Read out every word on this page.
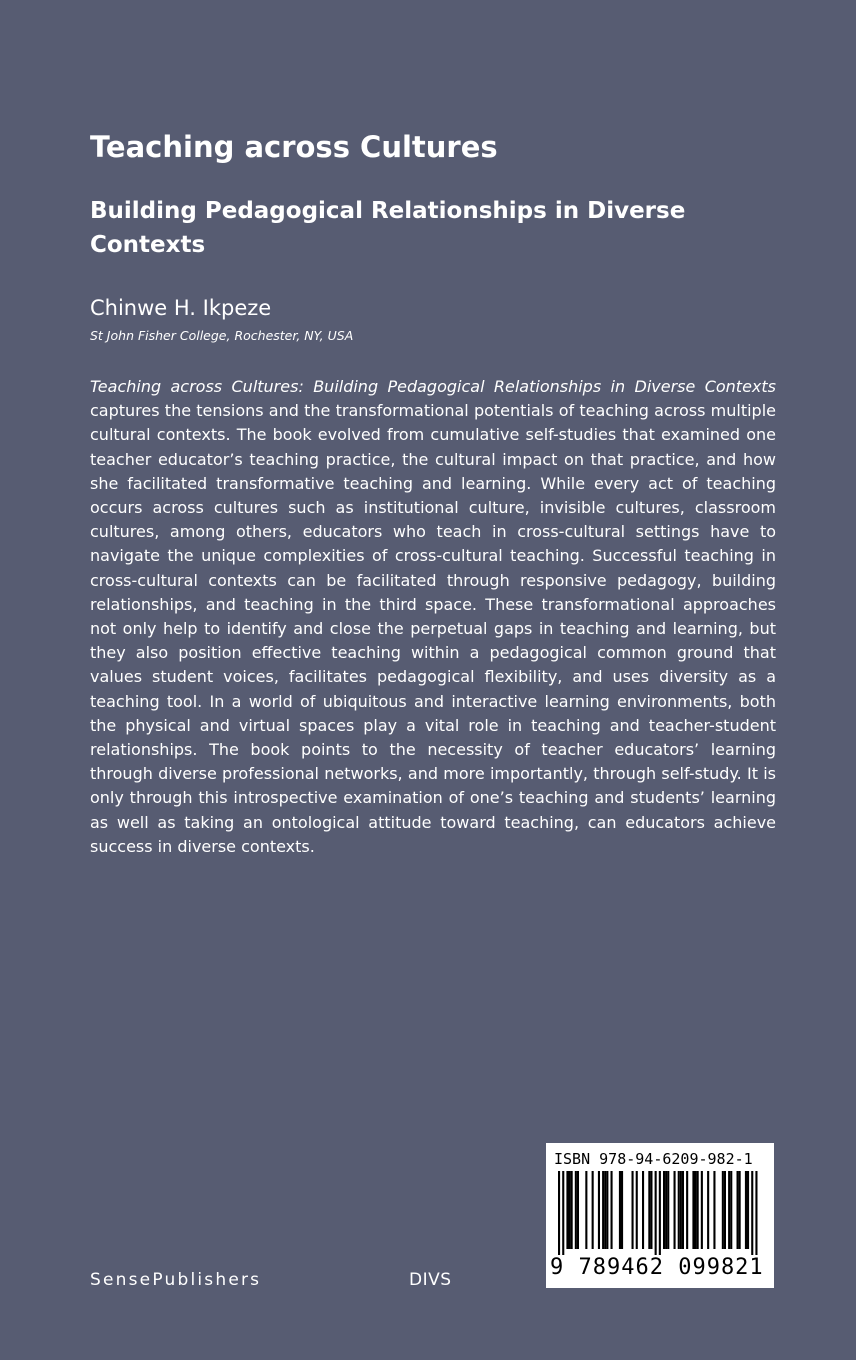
Teaching across Cultures
Building Pedagogical Relationships in Diverse Contexts

Chinwe H. Ikpeze

St John Fisher College, Rochester, NY, USA

Teaching across Cultures: Building Pedagogical Relationships in Diverse Contexts captures the tensions and the transformational potentials of teaching across multiple cultural contexts. The book evolved from cumulative self-studies that examined one teacher educator’s teaching practice, the cultural impact on that practice, and how she facilitated transformative teaching and learning. While every act of teaching occurs across cultures such as institutional culture, invisible cultures, classroom cultures, among others, educators who teach in cross-cultural settings have to navigate the unique complexities of cross-cultural teaching. Successful teaching in cross-cultural contexts can be facilitated through responsive pedagogy, building relationships, and teaching in the third space. These transformational approaches not only help to identify and close the perpetual gaps in teaching and learning, but they also position effective teaching within a pedagogical common ground that values student voices, facilitates pedagogical flexibility, and uses diversity as a teaching tool. In a world of ubiquitous and interactive learning environments, both the physical and virtual spaces play a vital role in teaching and teacher-student relationships. The book points to the necessity of teacher educators’ learning through diverse professional networks, and more importantly, through self-study. It is only through this introspective examination of one’s teaching and students’ learning as well as taking an ontological attitude toward teaching, can educators achieve success in diverse contexts.

SensePublishers	DIVS
ISBN 978-94-6209-982-1
9 789462 099821
